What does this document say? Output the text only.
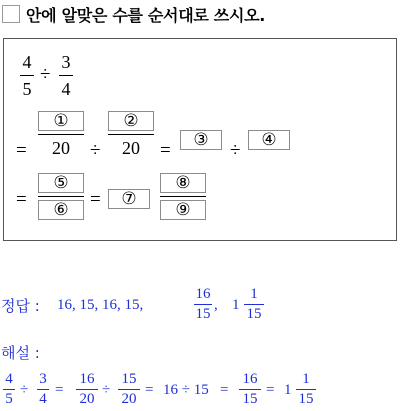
안에 알맞은 수를 순서대로 쓰시오.
4
5
÷
3
4
=
①
20 ÷
②
20 =
③
÷
④
=
⑤
⑥	=	⑦
⑧
⑨
정답 : 16, 15, 16, 15,
16
15
, 1
1
15
해설 :
4
5
÷
3
4
=
16
20
÷
15
20
= 16 ÷ 15 =
16
15
= 1
1
15
